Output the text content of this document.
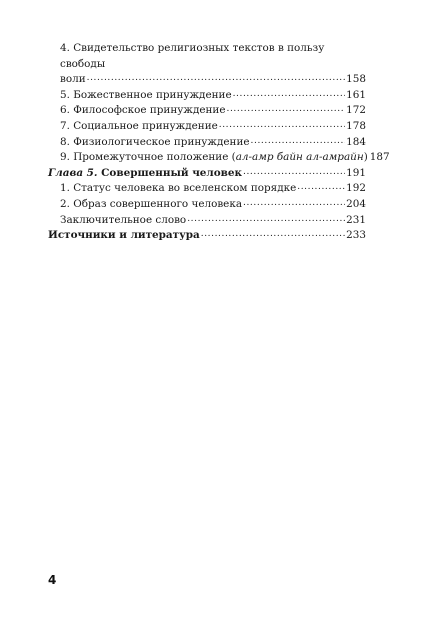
4. Свидетельство религиозных текстов в пользу свободы
воли .....	158
5. Божественное принуждение .....	161
6. Философское принуждение .....	172
7. Социальное принуждение .....	178
8. Физиологическое принуждение .....	184
9. Промежуточное положение (ал-амр байн ал-амрайн) 187
Глава 5. Совершенный человек .....	191
1. Статус человека во вселенском порядке .....	192
2. Образ совершенного человека .....	204
Заключительное слово .....	231
Источники и литература .....	233
4
